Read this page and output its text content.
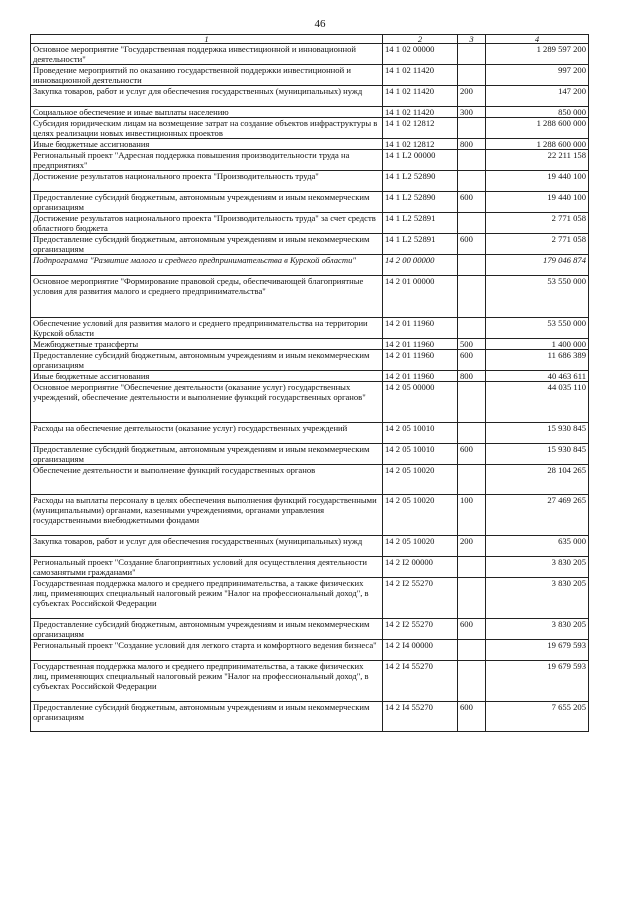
46
1	2	3	4
Основное мероприятие "Государственная поддержка инвестиционной и инновационной деятельности"	14 1 02 00000		1 289 597 200
Проведение мероприятий по оказанию государственной поддержки инвестиционной и инновационной деятельности	14 1 02 11420		997 200
Закупка товаров, работ и услуг для обеспечения государственных (муниципальных) нужд	14 1 02 11420	200	147 200
Социальное обеспечение и иные выплаты населению	14 1 02 11420	300	850 000
Субсидия юридическим лицам на возмещение затрат на создание объектов инфраструктуры в целях реализации новых инвестиционных проектов	14 1 02 12812		1 288 600 000
Иные бюджетные ассигнования	14 1 02 12812	800	1 288 600 000
Региональный проект "Адресная поддержка повышения производительности труда на предприятиях"	14 1 L2 00000		22 211 158
Достижение результатов национального проекта "Производительность труда"	14 1 L2 52890		19 440 100
Предоставление субсидий бюджетным, автономным учреждениям и иным некоммерческим организациям	14 1 L2 52890	600	19 440 100
Достижение результатов национального проекта "Производительность труда" за счет средств областного бюджета	14 1 L2 52891		2 771 058
Предоставление субсидий бюджетным, автономным учреждениям и иным некоммерческим организациям	14 1 L2 52891	600	2 771 058
Подпрограмма "Развитие малого и среднего предпринимательства в Курской области"	14 2 00 00000		179 046 874
Основное мероприятие "Формирование правовой среды, обеспечивающей благоприятные условия для развития малого и среднего предпринимательства"	14 2 01 00000		53 550 000
Обеспечение условий для развития малого и среднего предпринимательства на территории Курской области	14 2 01 11960		53 550 000
Межбюджетные трансферты	14 2 01 11960	500	1 400 000
Предоставление субсидий бюджетным, автономным учреждениям и иным некоммерческим организациям	14 2 01 11960	600	11 686 389
Иные бюджетные ассигнования	14 2 01 11960	800	40 463 611
Основное мероприятие "Обеспечение деятельности (оказание услуг) государственных учреждений, обеспечение деятельности и выполнение функций государственных органов"	14 2 05 00000		44 035 110
Расходы на обеспечение деятельности (оказание услуг) государственных учреждений	14 2 05 10010		15 930 845
Предоставление субсидий бюджетным, автономным учреждениям и иным некоммерческим организациям	14 2 05 10010	600	15 930 845
Обеспечение деятельности и выполнение функций государственных органов	14 2 05 10020		28 104 265
Расходы на выплаты персоналу в целях обеспечения выполнения функций государственными (муниципальными) органами, казенными учреждениями, органами управления государственными внебюджетными фондами	14 2 05 10020	100	27 469 265
Закупка товаров, работ и услуг для обеспечения государственных (муниципальных) нужд	14 2 05 10020	200	635 000
Региональный проект "Создание благоприятных условий для осуществления деятельности самозанятыми гражданами"	14 2 I2 00000		3 830 205
Государственная поддержка малого и среднего предпринимательства, а также физических лиц, применяющих специальный налоговый режим "Налог на профессиональный доход", в субъектах Российской Федерации	14 2 I2 55270		3 830 205
Предоставление субсидий бюджетным, автономным учреждениям и иным некоммерческим организациям	14 2 I2 55270	600	3 830 205
Региональный проект "Создание условий для легкого старта и комфортного ведения бизнеса"	14 2 I4 00000		19 679 593
Государственная поддержка малого и среднего предпринимательства, а также физических лиц, применяющих специальный налоговый режим "Налог на профессиональный доход", в субъектах Российской Федерации	14 2 I4 55270		19 679 593
Предоставление субсидий бюджетным, автономным учреждениям и иным некоммерческим организациям	14 2 I4 55270	600	7 655 205
